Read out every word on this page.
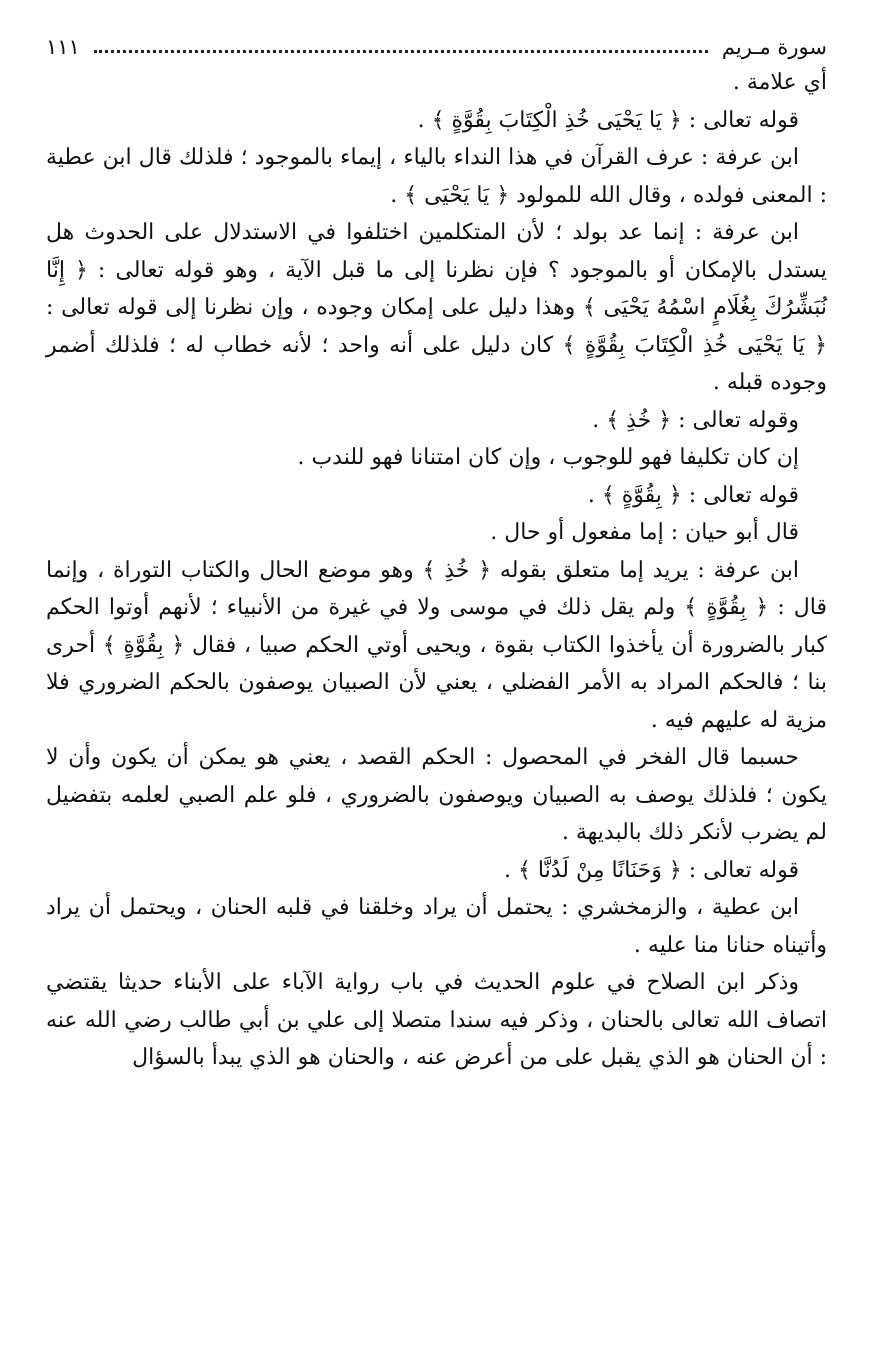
سورة مـريم
١١١

أي علامة .

قوله تعالى : ﴿ يَا يَحْيَى خُذِ الْكِتَابَ بِقُوَّةٍ ﴾ .

ابن عرفة : عرف القرآن في هذا النداء بالياء ، إيماء بالموجود ؛ فلذلك قال ابن عطية : المعنى فولده ، وقال الله للمولود ﴿ يَا يَحْيَى ﴾ .

ابن عرفة : إنما عد بولد ؛ لأن المتكلمين اختلفوا في الاستدلال على الحدوث هل يستدل بالإمكان أو بالموجود ؟ فإن نظرنا إلى ما قبل الآية ، وهو قوله تعالى : ﴿ إِنَّا نُبَشِّرُكَ بِغُلَامٍ اسْمُهُ يَحْيَى ﴾ وهذا دليل على إمكان وجوده ، وإن نظرنا إلى قوله تعالى : ﴿ يَا يَحْيَى خُذِ الْكِتَابَ بِقُوَّةٍ ﴾ كان دليل على أنه واحد ؛ لأنه خطاب له ؛ فلذلك أضمر وجوده قبله .

وقوله تعالى : ﴿ خُذِ ﴾ .

إن كان تكليفا فهو للوجوب ، وإن كان امتنانا فهو للندب .

قوله تعالى : ﴿ بِقُوَّةٍ ﴾ .

قال أبو حيان : إما مفعول أو حال .

ابن عرفة : يريد إما متعلق بقوله ﴿ خُذِ ﴾ وهو موضع الحال والكتاب التوراة ، وإنما قال : ﴿ بِقُوَّةٍ ﴾ ولم يقل ذلك في موسى ولا في غيرة من الأنبياء ؛ لأنهم أوتوا الحكم كبار بالضرورة أن يأخذوا الكتاب بقوة ، ويحيى أوتي الحكم صبيا ، فقال ﴿ بِقُوَّةٍ ﴾ أحرى بنا ؛ فالحكم المراد به الأمر الفضلي ، يعني لأن الصبيان يوصفون بالحكم الضروري فلا مزية له عليهم فيه .

حسبما قال الفخر في المحصول : الحكم القصد ، يعني هو يمكن أن يكون وأن لا يكون ؛ فلذلك يوصف به الصبيان ويوصفون بالضروري ، فلو علم الصبي لعلمه بتفضيل لم يضرب لأنكر ذلك بالبديهة .

قوله تعالى : ﴿ وَحَنَانًا مِنْ لَدُنَّا ﴾ .

ابن عطية ، والزمخشري : يحتمل أن يراد وخلقنا في قلبه الحنان ، ويحتمل أن يراد وأتيناه حنانا منا عليه .

وذكر ابن الصلاح في علوم الحديث في باب رواية الآباء على الأبناء حديثا يقتضي اتصاف الله تعالى بالحنان ، وذكر فيه سندا متصلا إلى علي بن أبي طالب رضي الله عنه : أن الحنان هو الذي يقبل على من أعرض عنه ، والحنان هو الذي يبدأ بالسؤال
